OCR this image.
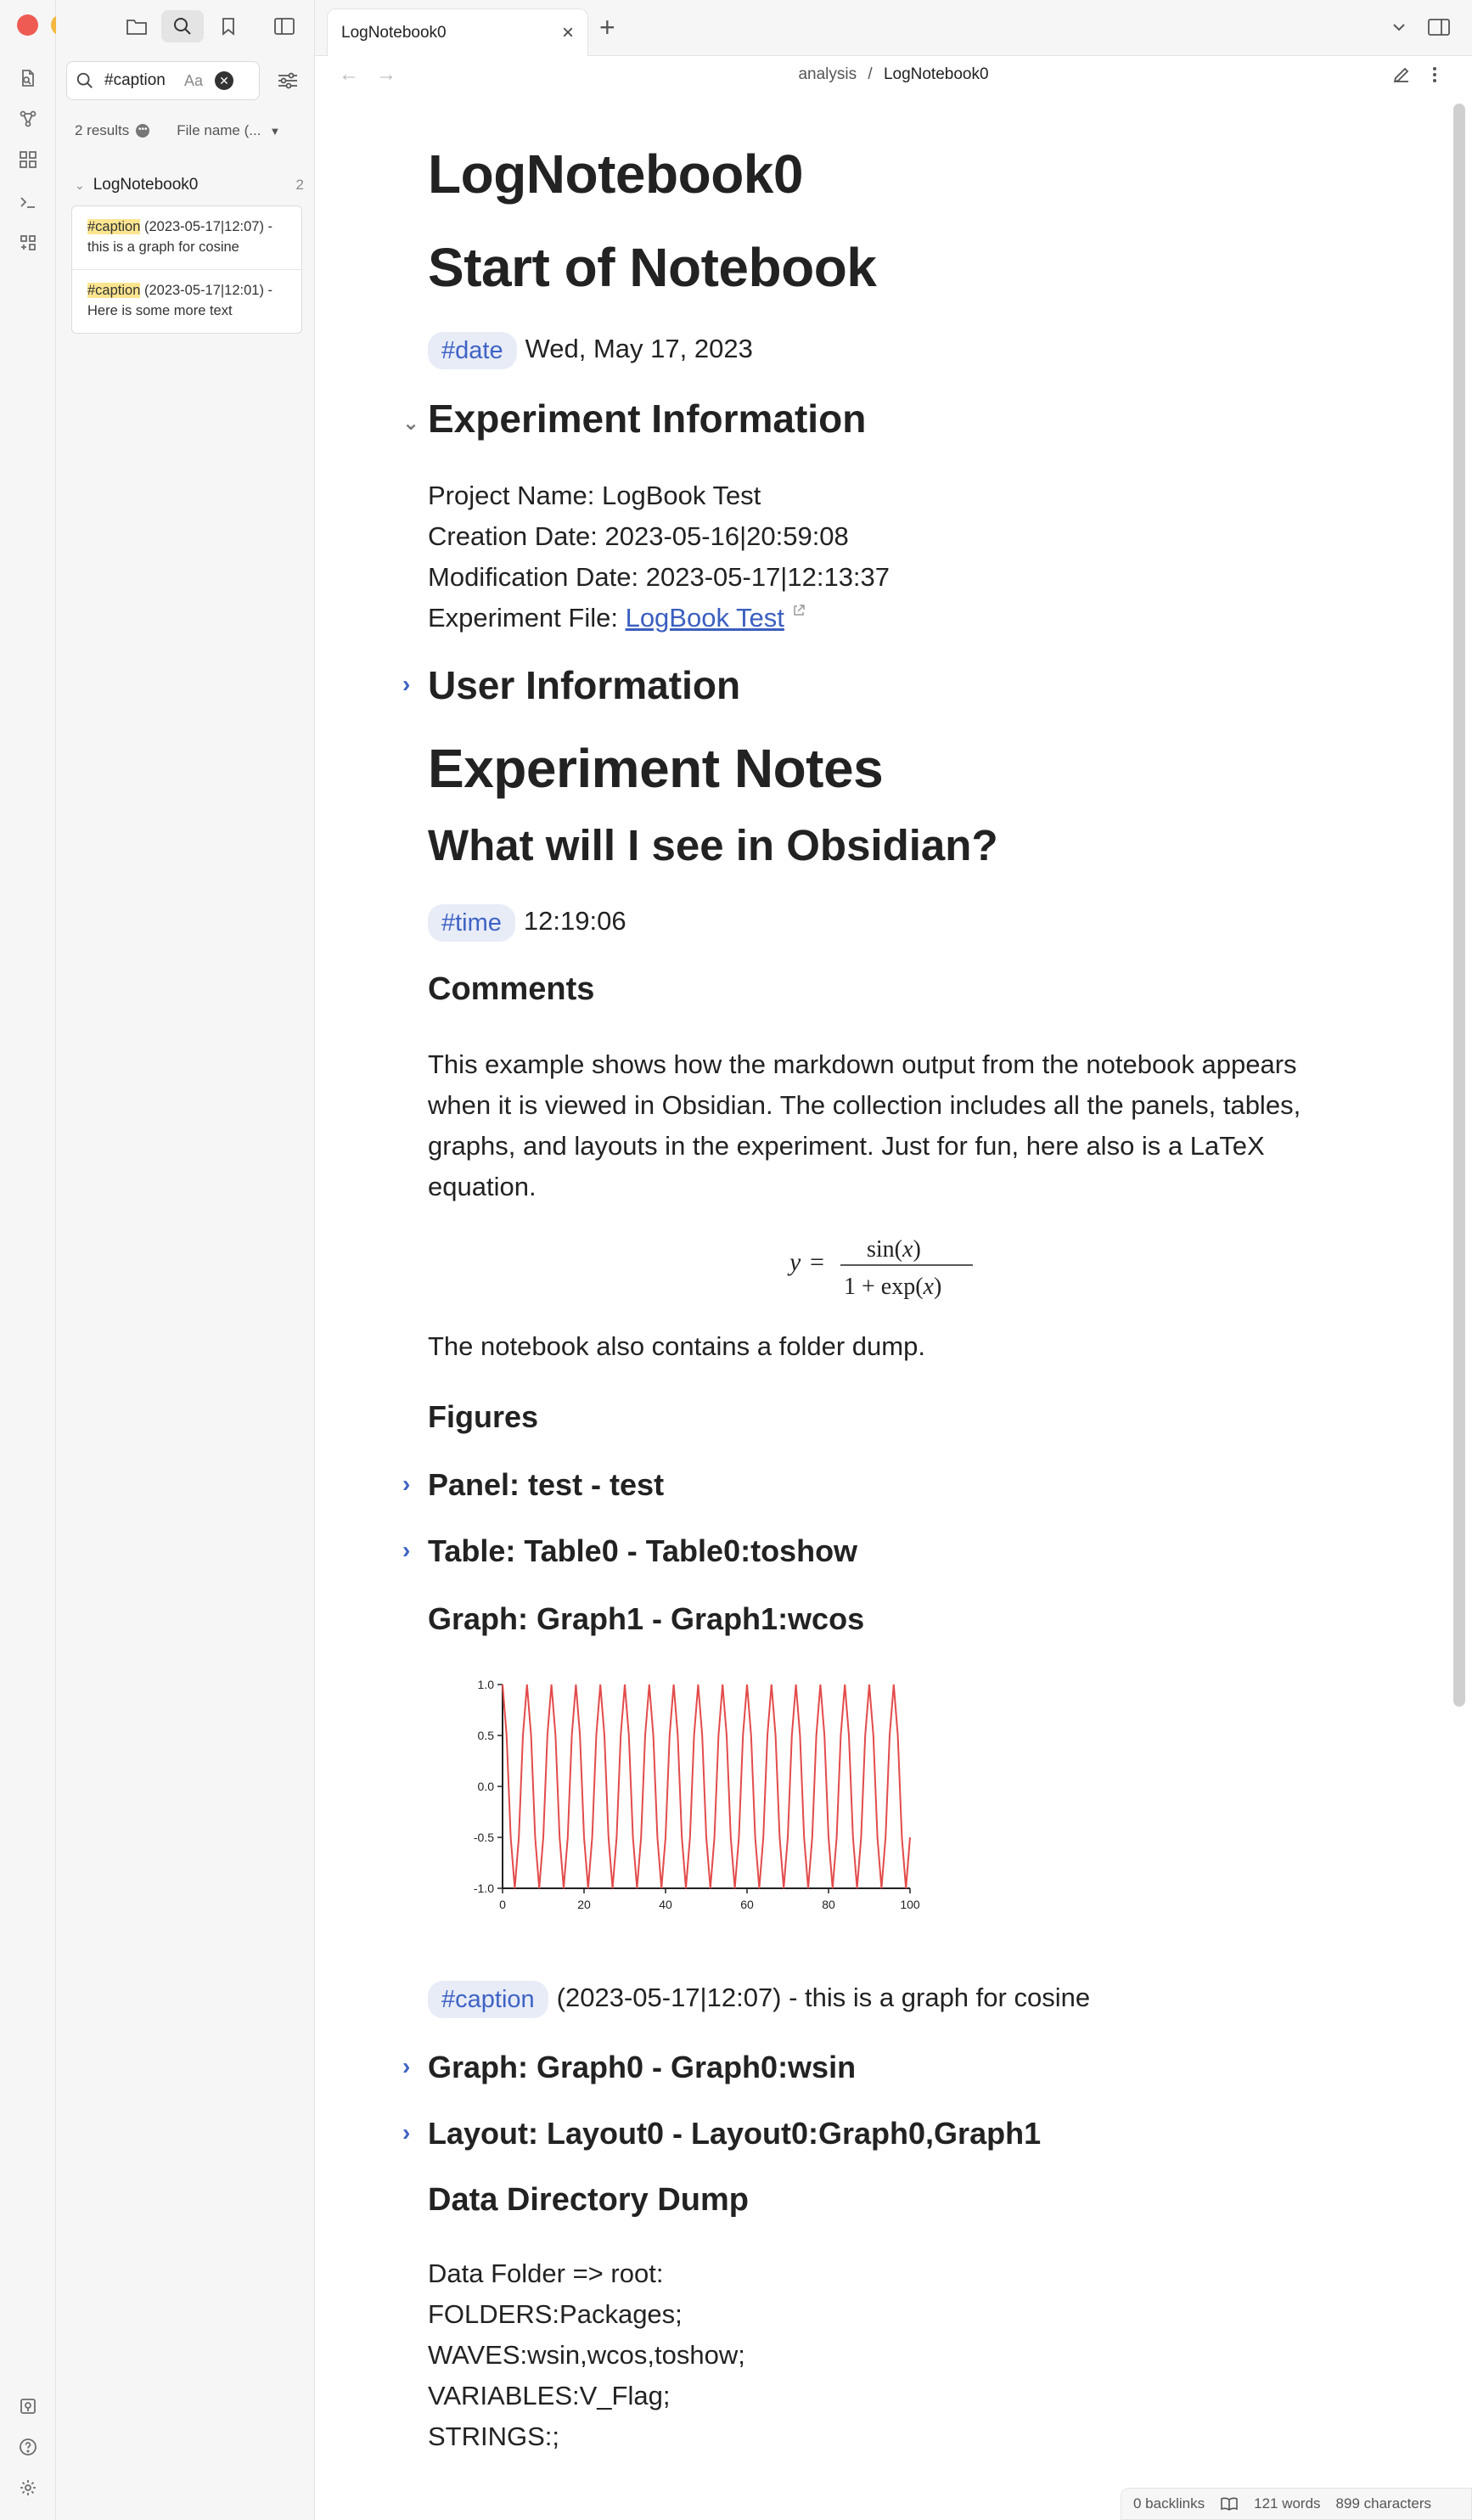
#caption	Aa	✕
2 results ••• File name (... ▼
⌄ LogNotebook0	2
#caption (2023-05-17|12:07) - this is a graph for cosine
#caption (2023-05-17|12:01) - Here is some more text
LogNotebook0	× +
← →	analysis / LogNotebook0
LogNotebook0
Start of Notebook
#date Wed, May 17, 2023
⌄ Experiment Information
Project Name: LogBook Test
Creation Date: 2023-05-16|20:59:08
Modification Date: 2023-05-17|12:13:37
Experiment File: LogBook Test
› User Information
Experiment Notes
What will I see in Obsidian?
#time 12:19:06
Comments
This example shows how the markdown output from the notebook appears when it is viewed in Obsidian. The collection includes all the panels, tables, graphs, and layouts in the experiment. Just for fun, here also is a LaTeX equation.
y = sin(x)
1 + exp(x)
The notebook also contains a folder dump.
Figures
› Panel: test - test
› Table: Table0 - Table0:toshow
Graph: Graph1 - Graph1:wcos
1.0
0.5
0.0
-0.5
-1.0
0	20	40	60	80	100
#caption (2023-05-17|12:07) - this is a graph for cosine
› Graph: Graph0 - Graph0:wsin
› Layout: Layout0 - Layout0:Graph0,Graph1
Data Directory Dump
Data Folder => root:
FOLDERS:Packages;
WAVES:wsin,wcos,toshow;
VARIABLES:V_Flag;
STRINGS:;
0 backlinks	121 words 899 characters
